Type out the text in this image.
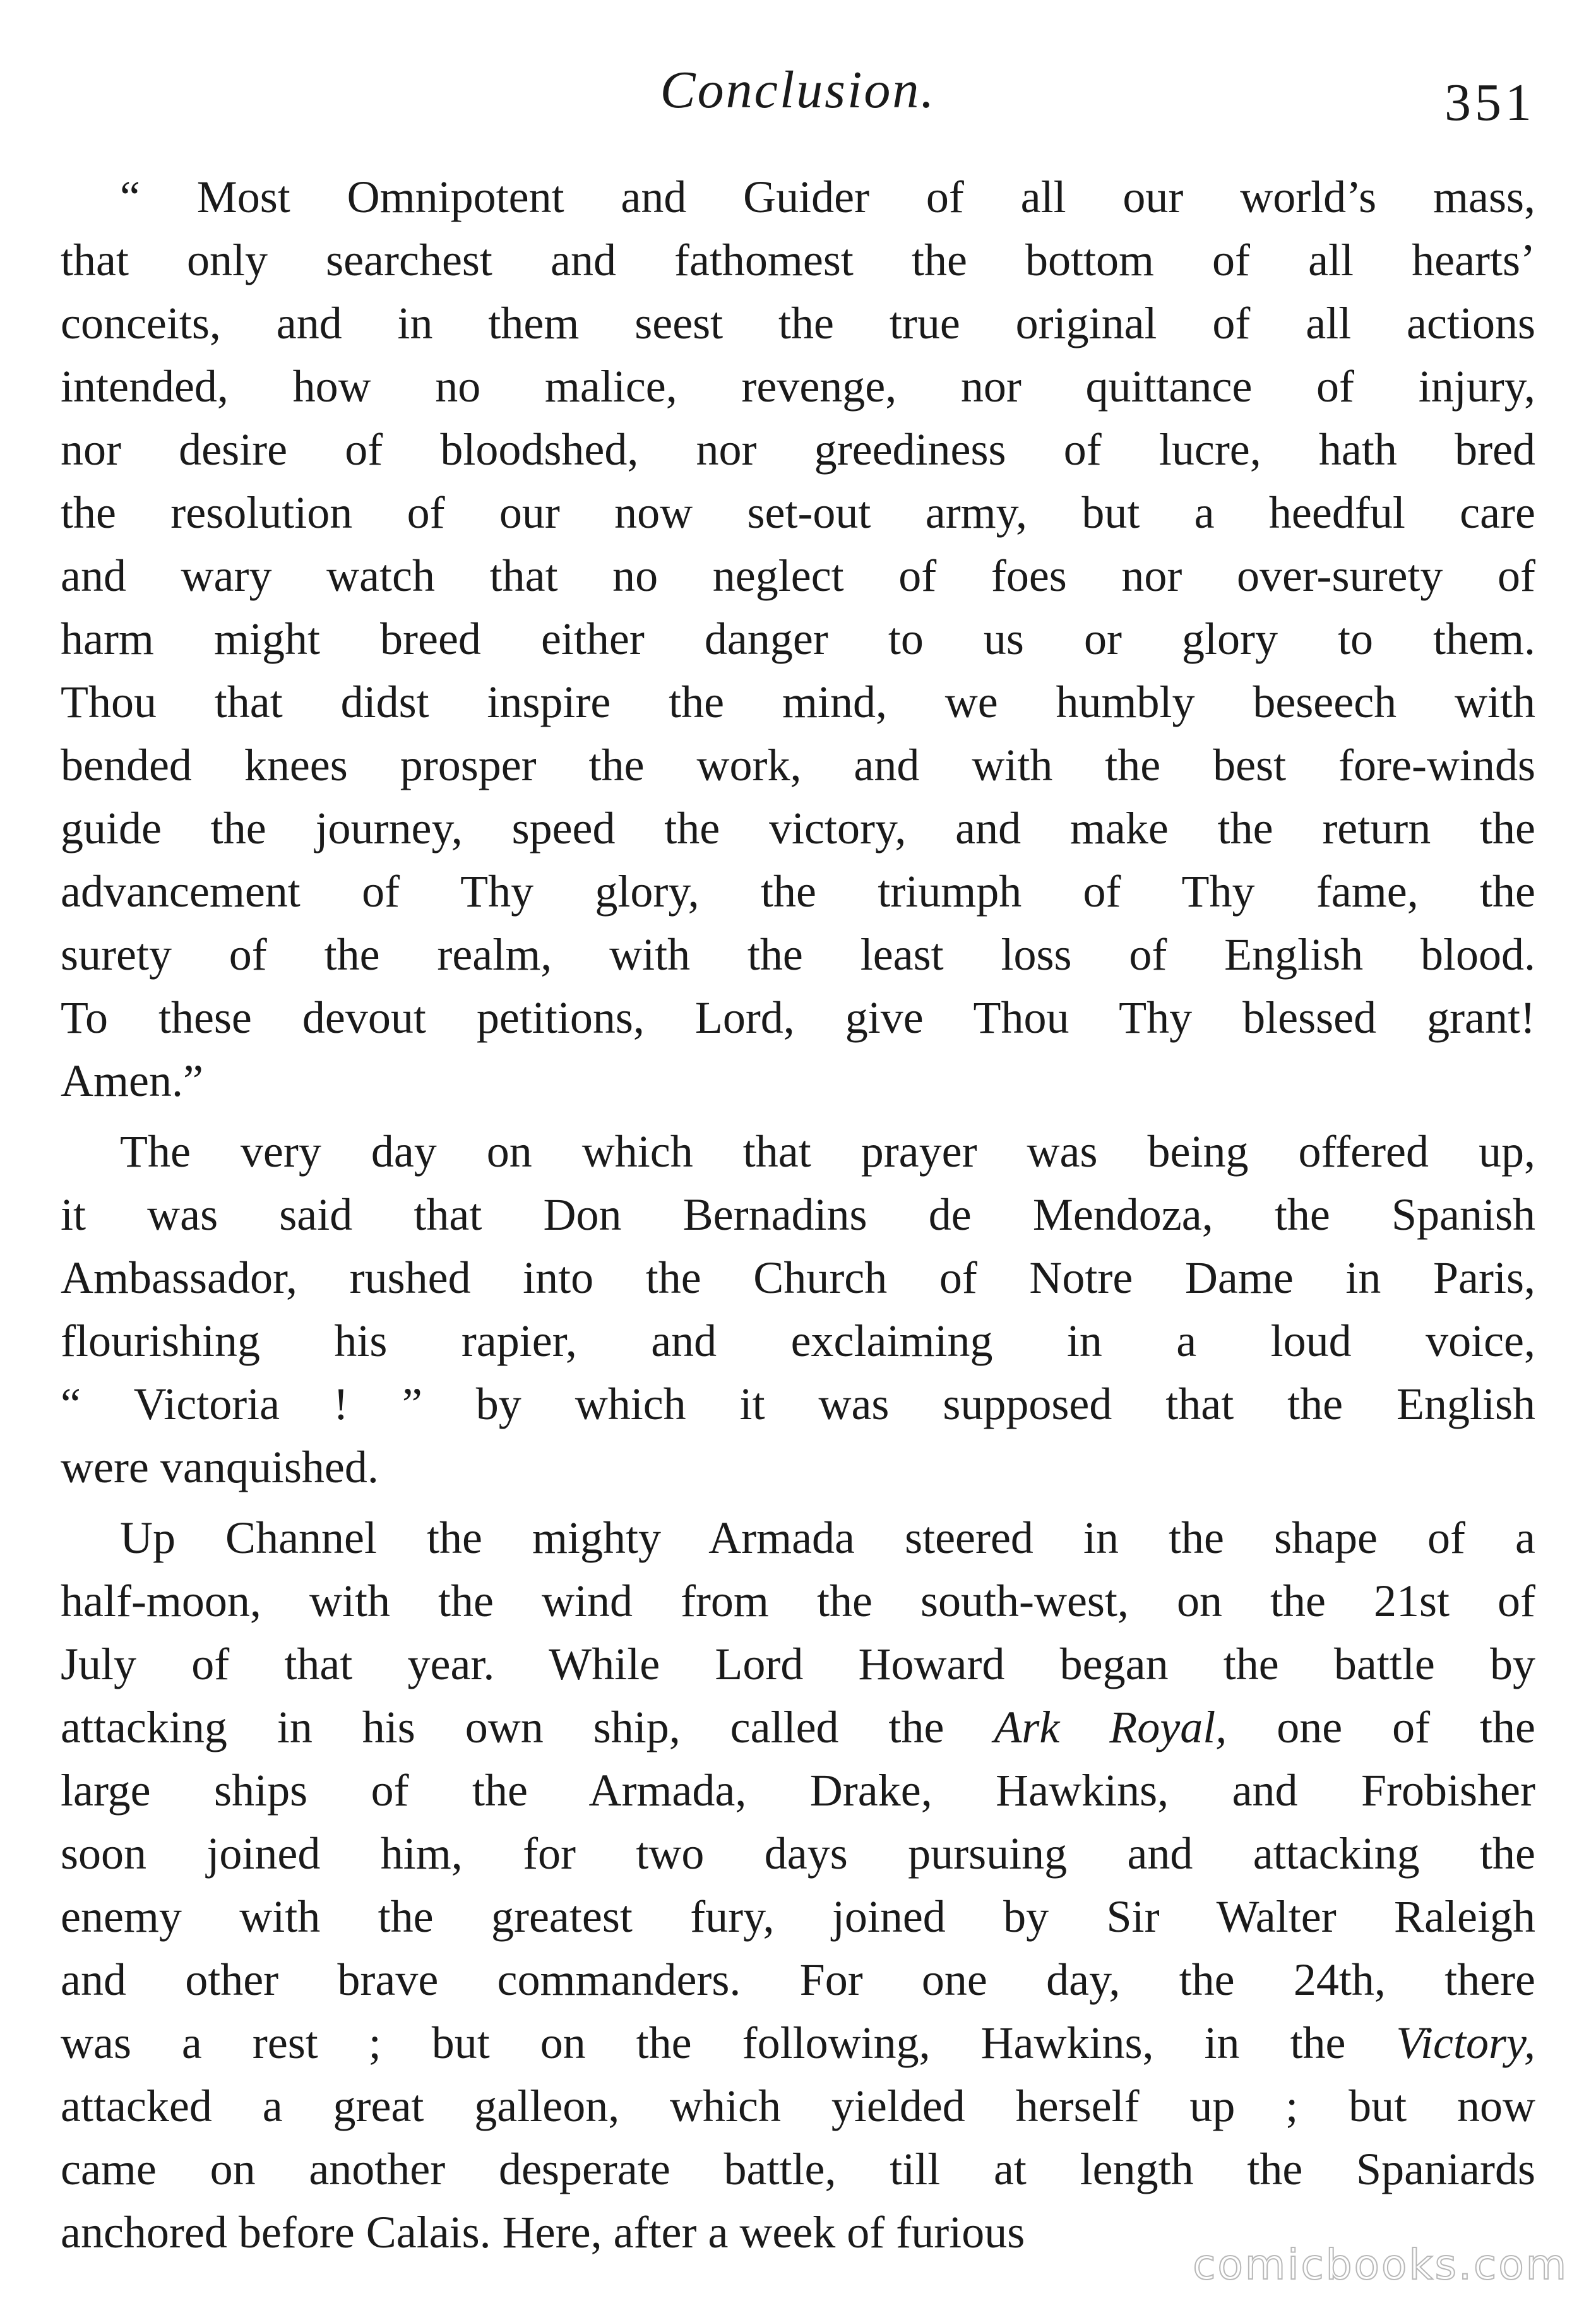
Conclusion.	351
“ Most Omnipotent and Guider of all our world’s mass,
that only searchest and fathomest the bottom of all hearts’
conceits, and in them seest the true original of all actions
intended, how no malice, revenge, nor quittance of injury,
nor desire of bloodshed, nor greediness of lucre, hath bred
the resolution of our now set-out army, but a heedful care
and wary watch that no neglect of foes nor over-surety of
harm might breed either danger to us or glory to them.
Thou that didst inspire the mind, we humbly beseech with
bended knees prosper the work, and with the best fore-winds
guide the journey, speed the victory, and make the return the
advancement of Thy glory, the triumph of Thy fame, the
surety of the realm, with the least loss of English blood.
To these devout petitions, Lord, give Thou Thy blessed grant!
Amen.”
The very day on which that prayer was being offered up,
it was said that Don Bernadins de Mendoza, the Spanish
Ambassador, rushed into the Church of Notre Dame in Paris,
flourishing his rapier, and exclaiming in a loud voice,
“ Victoria ! ” by which it was supposed that the English
were vanquished.
Up Channel the mighty Armada steered in the shape of a
half-moon, with the wind from the south-west, on the 21st of
July of that year. While Lord Howard began the battle by
attacking in his own ship, called the Ark Royal, one of the
large ships of the Armada, Drake, Hawkins, and Frobisher
soon joined him, for two days pursuing and attacking the
enemy with the greatest fury, joined by Sir Walter Raleigh
and other brave commanders. For one day, the 24th, there
was a rest ; but on the following, Hawkins, in the Victory,
attacked a great galleon, which yielded herself up ; but now
came on another desperate battle, till at length the Spaniards
anchored before Calais. Here, after a week of furious
comicbooks.com
